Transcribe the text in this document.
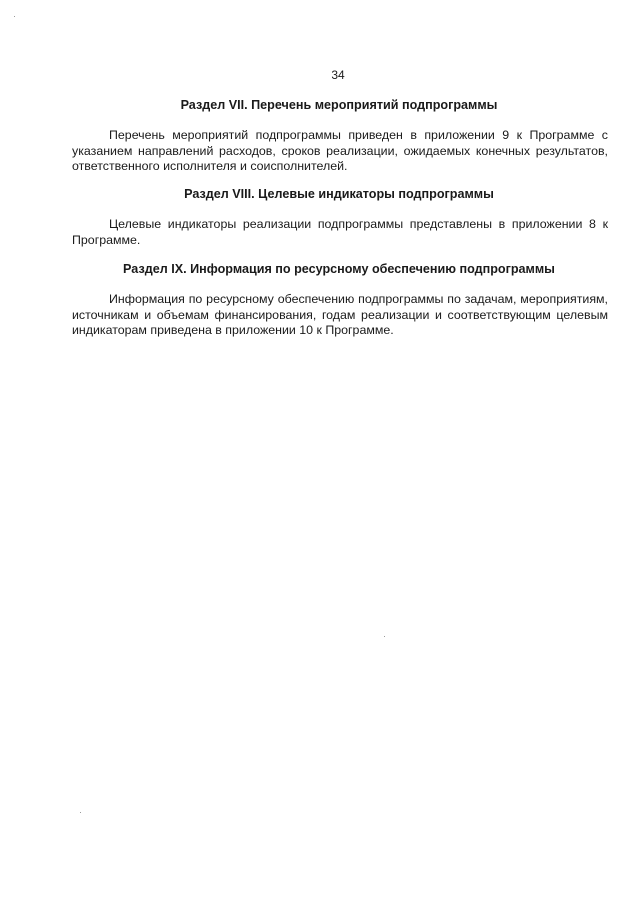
34
Раздел VII. Перечень мероприятий подпрограммы
Перечень мероприятий подпрограммы приведен в приложении 9 к Программе с указанием направлений расходов, сроков реализации, ожидаемых конечных результатов, ответственного исполнителя и соисполнителей.
Раздел VIII. Целевые индикаторы подпрограммы
Целевые индикаторы реализации подпрограммы представлены в приложении 8 к Программе.
Раздел IX. Информация по ресурсному обеспечению подпрограммы
Информация по ресурсному обеспечению подпрограммы по задачам, мероприятиям, источникам и объемам финансирования, годам реализации и соответствующим целевым индикаторам приведена в приложении 10 к Программе.
